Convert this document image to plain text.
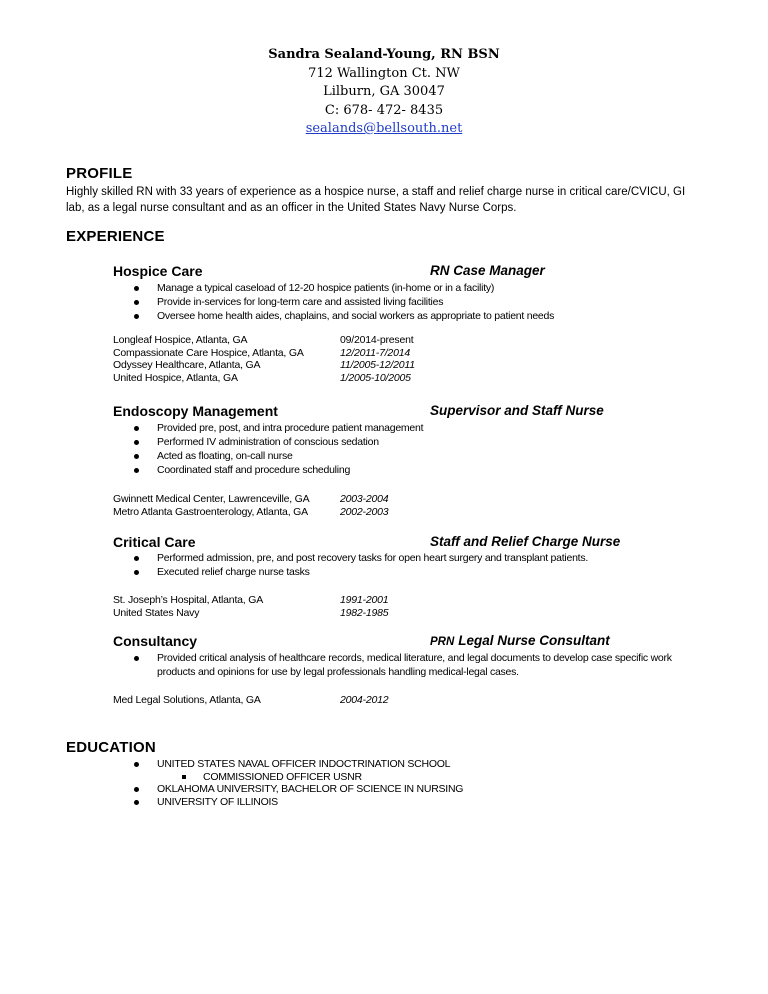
Sandra Sealand-Young, RN BSN
712 Wallington Ct. NW
Lilburn, GA 30047
C: 678- 472- 8435
sealands@bellsouth.net
PROFILE
Highly skilled RN with 33 years of experience as a hospice nurse, a staff and relief charge nurse in critical care/CVICU, GI lab, as a legal nurse consultant and as an officer in the United States Navy Nurse Corps.
EXPERIENCE
Hospice Care	RN Case Manager
Manage a typical caseload of 12-20 hospice patients (in-home or in a facility)
Provide in-services for long-term care and assisted living facilities
Oversee home health aides, chaplains, and social workers as appropriate to patient needs
Longleaf Hospice, Atlanta, GA	09/2014-present
Compassionate Care Hospice, Atlanta, GA	12/2011-7/2014
Odyssey Healthcare, Atlanta, GA	11/2005-12/2011
United Hospice, Atlanta, GA	1/2005-10/2005
Endoscopy Management	Supervisor and Staff Nurse
Provided pre, post, and intra procedure patient management
Performed IV administration of conscious sedation
Acted as floating, on-call nurse
Coordinated staff and procedure scheduling
Gwinnett Medical Center, Lawrenceville, GA	2003-2004
Metro Atlanta Gastroenterology, Atlanta, GA	2002-2003
Critical Care	Staff and Relief Charge Nurse
Performed admission, pre, and post recovery tasks for open heart surgery and transplant patients.
Executed relief charge nurse tasks
St. Joseph’s Hospital, Atlanta, GA	1991-2001
United States Navy	1982-1985
Consultancy	PRN Legal Nurse Consultant
Provided critical analysis of healthcare records, medical literature, and legal documents to develop case specific work products and opinions for use by legal professionals handling medical-legal cases.
Med Legal Solutions, Atlanta, GA	2004-2012
EDUCATION
UNITED STATES NAVAL OFFICER INDOCTRINATION SCHOOL
COMMISSIONED OFFICER USNR
OKLAHOMA UNIVERSITY, BACHELOR OF SCIENCE IN NURSING
UNIVERSITY OF ILLINOIS
